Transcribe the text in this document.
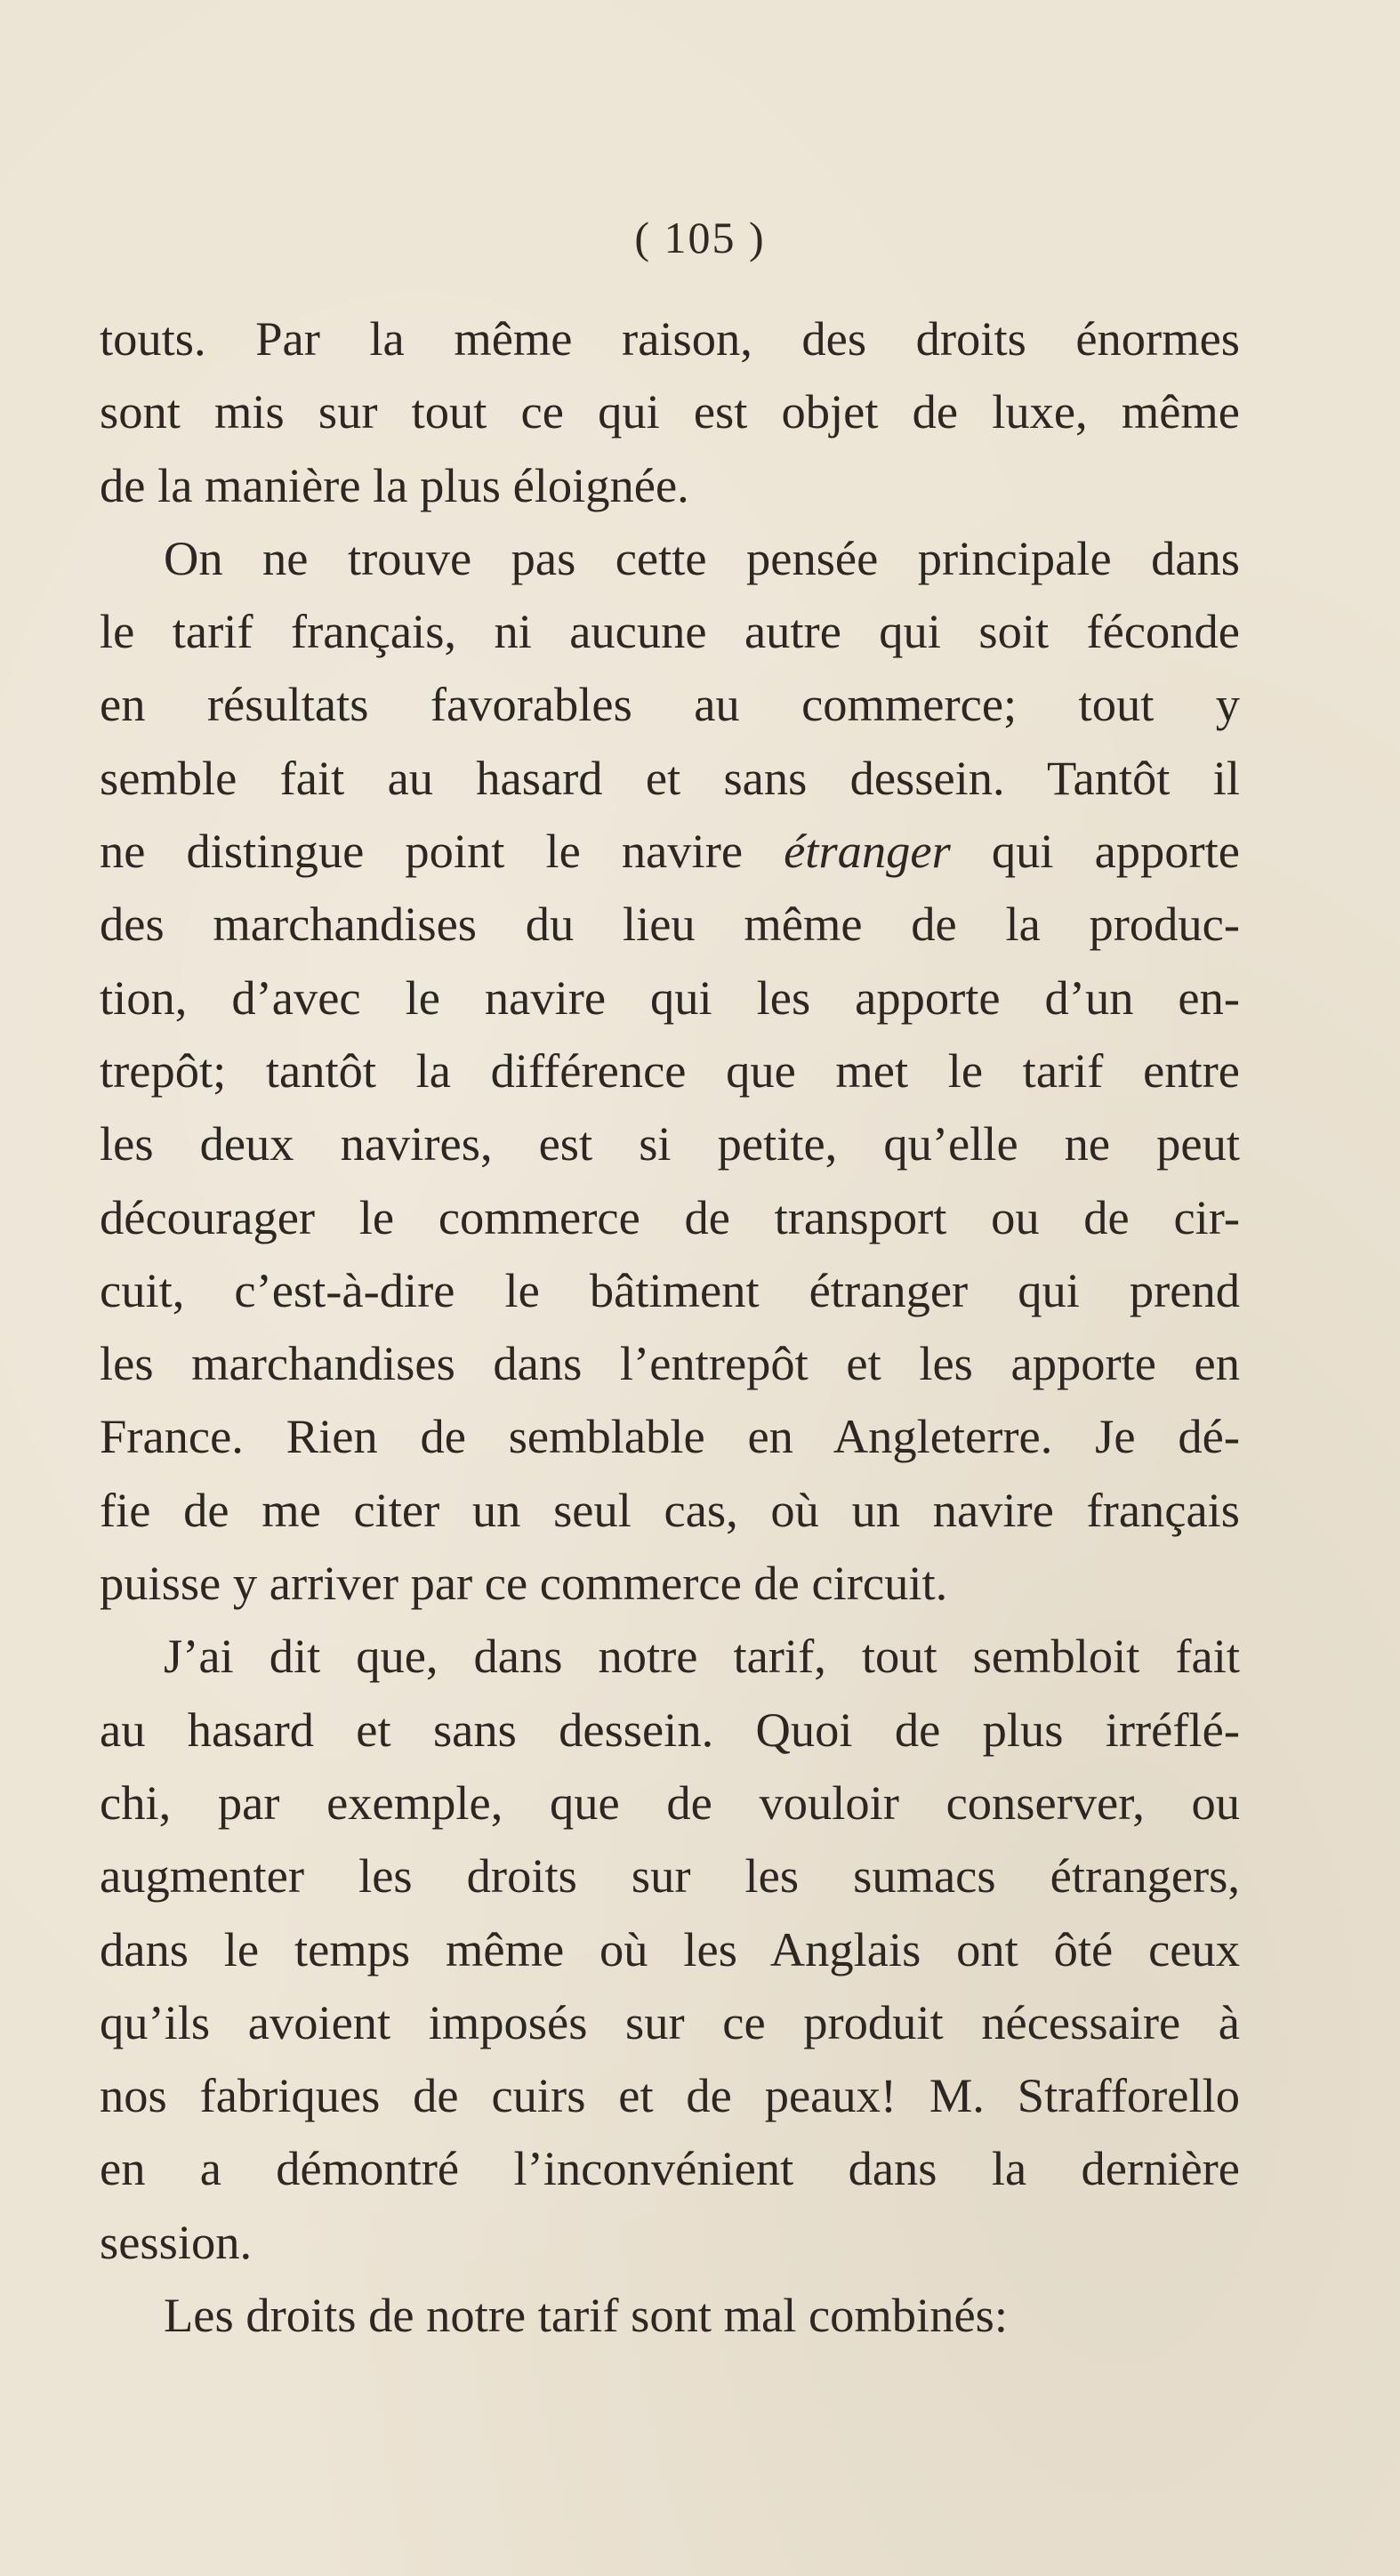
( 105 )
touts. Par la même raison, des droits énormes
sont mis sur tout ce qui est objet de luxe, même
de la manière la plus éloignée.
On ne trouve pas cette pensée principale dans
le tarif français, ni aucune autre qui soit féconde
en résultats favorables au commerce; tout y
semble fait au hasard et sans dessein. Tantôt il
ne distingue point le navire étranger qui apporte
des marchandises du lieu même de la produc-
tion, d’avec le navire qui les apporte d’un en-
trepôt; tantôt la différence que met le tarif entre
les deux navires, est si petite, qu’elle ne peut
décourager le commerce de transport ou de cir-
cuit, c’est-à-dire le bâtiment étranger qui prend
les marchandises dans l’entrepôt et les apporte en
France. Rien de semblable en Angleterre. Je dé-
fie de me citer un seul cas, où un navire français
puisse y arriver par ce commerce de circuit.
J’ai dit que, dans notre tarif, tout sembloit fait
au hasard et sans dessein. Quoi de plus irréflé-
chi, par exemple, que de vouloir conserver, ou
augmenter les droits sur les sumacs étrangers,
dans le temps même où les Anglais ont ôté ceux
qu’ils avoient imposés sur ce produit nécessaire à
nos fabriques de cuirs et de peaux! M. Strafforello
en a démontré l’inconvénient dans la dernière
session.
Les droits de notre tarif sont mal combinés:
